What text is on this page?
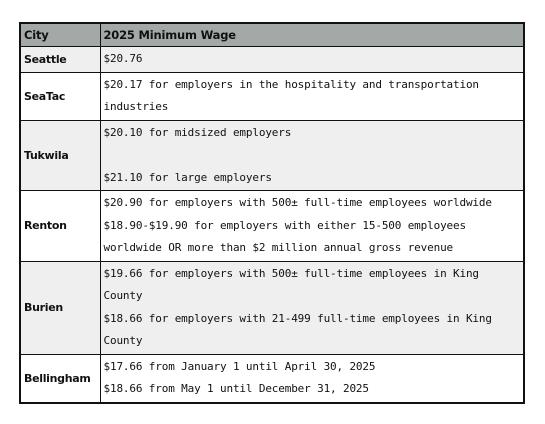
City	2025 Minimum Wage
Seattle	$20.76

SeaTac	$20.17 for employers in the hospitality and transportation industries

Tukwila	$20.10 for midsized employers
$21.10 for large employers

Renton	$20.90 for employers with 500± full-time employees worldwide
$18.90-$19.90 for employers with either 15-500 employees worldwide OR more than $2 million annual gross revenue

Burien	$19.66 for employers with 500± full-time employees in King County
$18.66 for employers with 21-499 full-time employees in King County

Bellingham	$17.66 from January 1 until April 30, 2025
$18.66 from May 1 until December 31, 2025
